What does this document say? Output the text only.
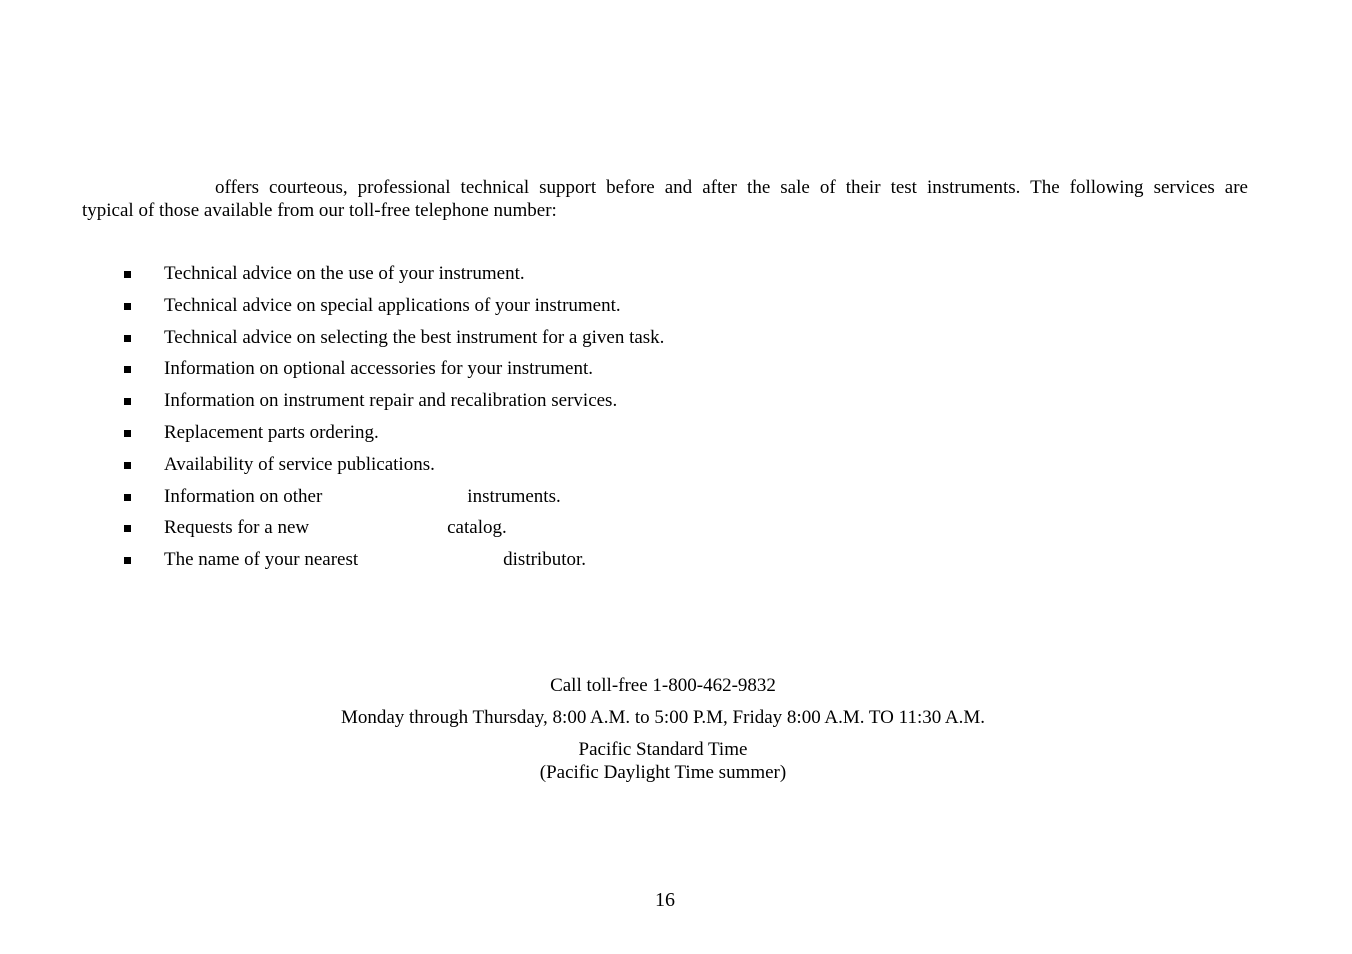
offers courteous, professional technical support before and after the sale of their test instruments. The following services are
typical of those available from our toll-free telephone number:

Technical advice on the use of your instrument.
Technical advice on special applications of your instrument.
Technical advice on selecting the best instrument for a given task.
Information on optional accessories for your instrument.
Information on instrument repair and recalibration services.
Replacement parts ordering.
Availability of service publications.
Information on other	instruments.
Requests for a new	catalog.
The name of your nearest	distributor.
Call toll-free 1-800-462-9832
Monday through Thursday, 8:00 A.M. to 5:00 P.M, Friday 8:00 A.M. TO 11:30 A.M.
Pacific Standard Time
(Pacific Daylight Time summer)
16
